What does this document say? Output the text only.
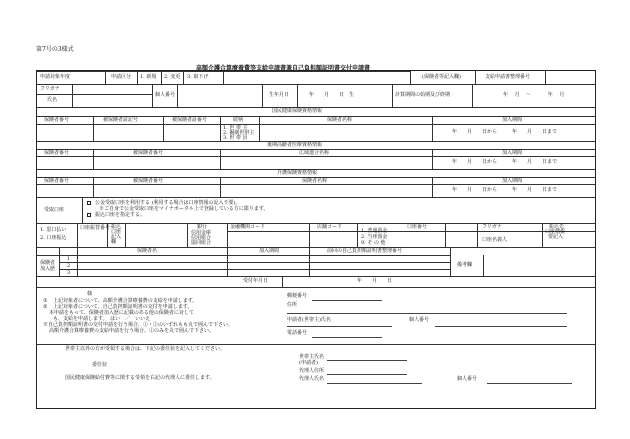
第7号の3様式
高額介護合算療養費等支給申請書兼自己負担額証明書交付申請書
申請対象年度	申請区分 1. 新規 2. 変更 3. 取下げ	(保険者等記入欄)	支給申請書整理番号
フリガナ
氏名
個人番号	生年月日	年　　月　　日　生	計算期間の始期及び終期	年　 月　 ～　　　 年　 月
国民健康保険資格情報
保険者番号	被保険者証記号	被保険者証番号	続柄
1. 世 帯 主
2. 擬制世帯主
3. 世 帯 員
保険者名称	加入期間
年　　月　　日から　　　年　　月　　日まで
後期高齢者医療資格情報
保険者番号	被保険者番号	広域連合名称	加入期間
年　　月　　日から　　　年　　月　　日まで
介護保険資格情報
保険者番号	被保険者番号	保険者名称	加入期間
年　　月　　日から　　　年　　月　　日まで
受取口座
公金受取口座を利用する (利用する場合は口座情報の記入不要)。
※ご自身で公金受取口座をマイナポータル上で登録している方に限ります。
振込口座を指定する。
1. 窓口払い
2. 口座振込
口座振替番号 振込
口座
記入
欄
銀行
信用金庫
信用組合
協同組合
金融機関コード	店舗コード
1. 普通預金
2. 当座預金
9. そ の 他
口座番号	フリガナ
口座名義人
振込先
口座情報
要記入
保険者名	加入期間	前回の自己負担額証明書整理番号
保険者
加入歴
1
2
3
備考欄
受付年月日	年　　月　　日
様
① 上記対象者について、高額介護合算療養費の支給を申請します。
② 上記対象者について、自己負担額証明書の交付を申請します。
本申請をもって、保険者加入歴に記載のある他の保険者に対して
も、支給を申請します。　はい　／　いいえ
※自己負担額証明書の交付申請を行う場合、①・②のいずれもも丸で囲んで下さい。
高額介護合算療養費の支給申請を行う場合、①のみを丸で囲んで下さい。
郵便番号
住所
申請者(世帯主)氏名	個人番号
電話番号
世帯主以外の方が受領する場合は、下記の委任状を記入してください。
委任状
国民健康保険給付費等に関する受領を右記の代理人に委任します。
世帯主氏名
(申請者)
代理人住所
代理人氏名	個人番号
